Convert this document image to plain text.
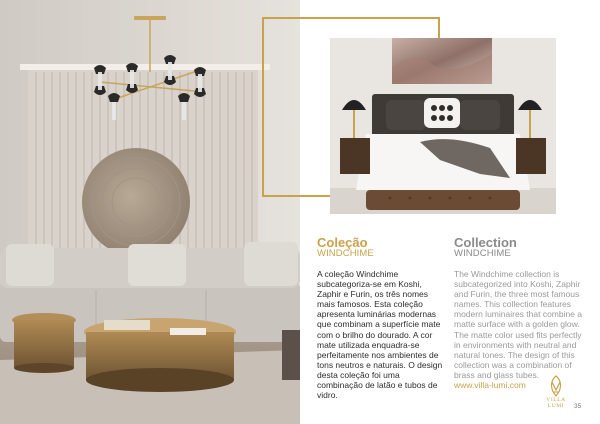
Coleção
WINDCHIME

A coleção Windchime subcategoriza-se em Koshi, Zaphir e Furin, os três nomes mais famosos. Esta coleção apresenta luminárias modernas que combinam a superfície mate com o brilho do dourado. A cor mate utilizada enquadra-se perfeitamente nos ambientes de tons neutros e naturais. O design desta coleção foi uma combinação de latão e tubos de vidro.

Collection
WINDCHIME

The Windchime collection is subcategorized into Koshi, Zaphir and Furin, the three most famous names. This collection features modern luminaires that combine a matte surface with a golden glow. The matte color used fits perfectly in environments with neutral and natural tones. The design of this collection was a combination of brass and glass tubes.

www.villa-lumi.com
VILLA
LUMI	35
